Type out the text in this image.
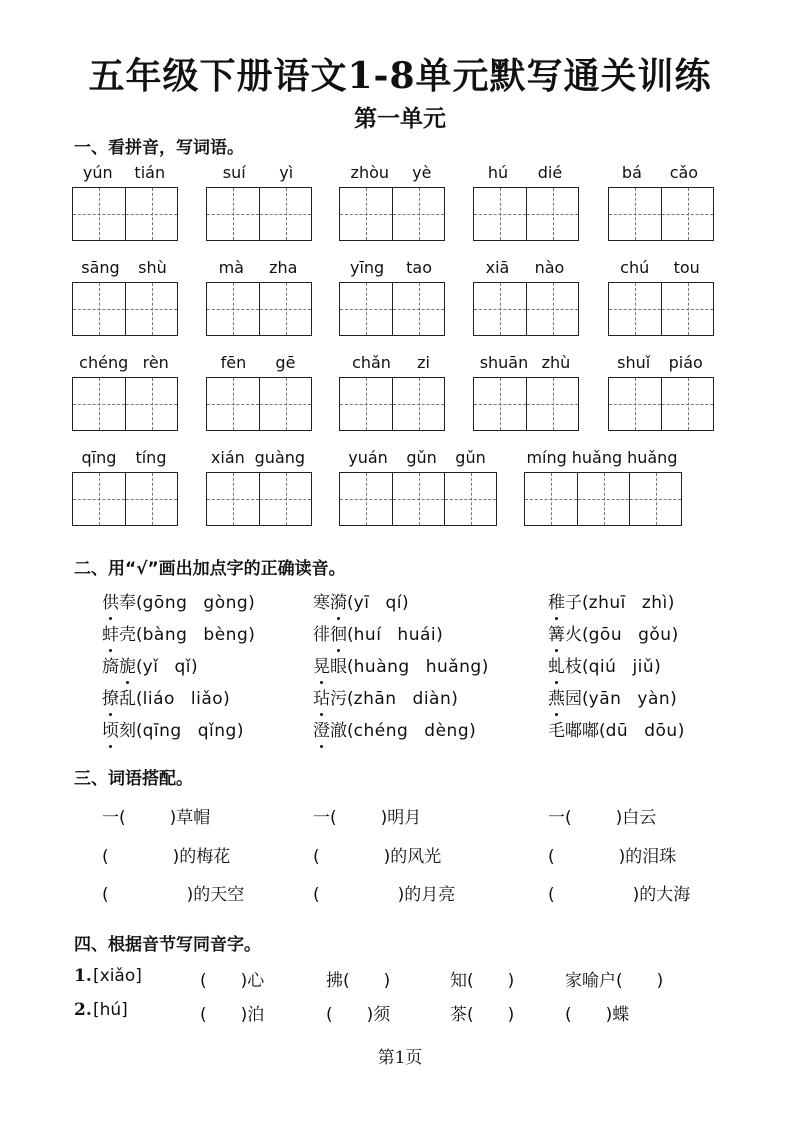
五年级下册语文1-8单元默写通关训练
第一单元
一、看拼音，写词语。
yún tián	suí yì	zhòu yè	hú dié	bá cǎo
sāng shù	mà zha	yīng tao	xiā nào	chú tou
chéng rèn	fēn gē	chǎn zi	shuān zhù	shuǐ piáo
qīng tíng	xián guàng	yuán gǔn gǔn	míng huǎng huǎng
二、用“√”画出加点字的正确读音。
供奉(gōng gòng)	寒漪(yī qí)	稚子(zhuī zhì)
蚌壳(bàng bèng)	徘徊(huí huái)	篝火(gōu gǒu)
旖旎(yǐ qǐ)	晃眼(huàng huǎng)	虬枝(qiú jiǔ)
撩乱(liáo liǎo)	玷污(zhān diàn)	燕园(yān yàn)
顷刻(qīng qǐng)	澄澈(chéng dèng)	毛嘟嘟(dū dōu)
三、词语搭配。
一(	)草帽	一(	)明月	一(	)白云
(	)的梅花	(	)的风光	(	)的泪珠
(	)的天空	(	)的月亮	(	)的大海
四、根据音节写同音字。
1. [xiǎo]	(　　)心	拂(　　)	知(　　)	家喻户(　　)
2. [hú]	(　　)泊	(　　)须	茶(　　)	(　　)蝶
第1页
